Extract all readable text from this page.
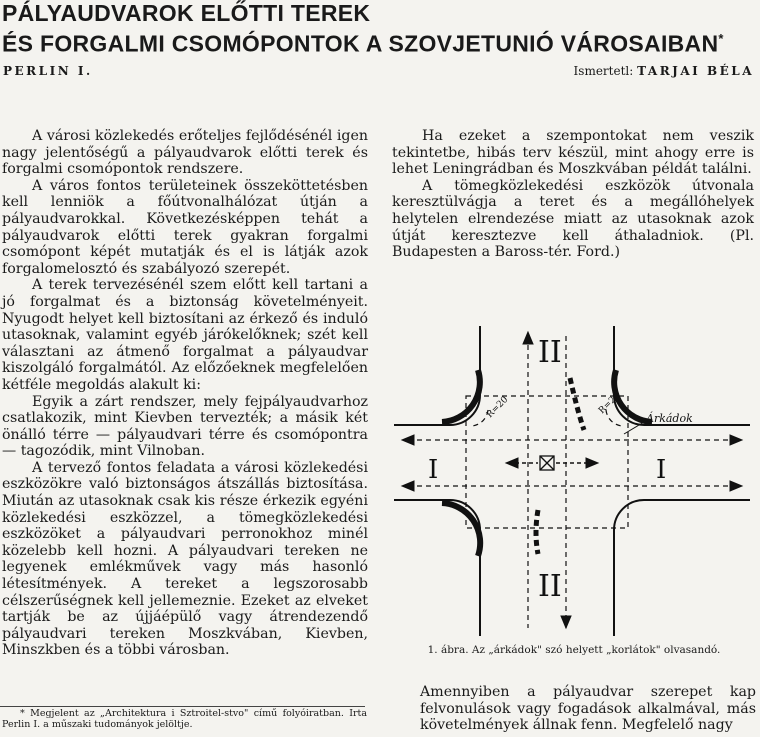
PÁLYAUDVAROK ELŐTTI TEREK
ÉS FORGALMI CSOMÓPONTOK A SZOVJETUNIÓ VÁROSAIBAN*
PERLIN I.	Ismertetl: TARJAI BÉLA

A városi közlekedés erőteljes fejlődésénél igen nagy jelentőségű a pályaudvarok előtti terek és forgalmi csomópontok rendszere.

A város fontos területeinek összeköttetésben kell lenniök a főútvonalhálózat útján a pályaudvarokkal. Következésképpen tehát a pályaudvarok előtti terek gyakran forgalmi csomópont képét mutatják és el is látják azok forgalomelosztó és szabályozó szerepét.

A terek tervezésénél szem előtt kell tartani a jó forgalmat és a biztonság követelményeit. Nyugodt helyet kell biztosítani az érkező és induló utasoknak, valamint egyéb járókelőknek; szét kell választani az átmenő forgalmat a pályaudvar kiszolgáló forgalmától. Az előzőeknek megfelelően kétféle megoldás alakult ki:

Egyik a zárt rendszer, mely fejpályaudvarhoz csatlakozik, mint Kievben tervezték; a másik két önálló térre — pályaudvari térre és csomópontra — tagozódik, mint Vilnoban.

A tervező fontos feladata a városi közlekedési eszközökre való biztonságos átszállás biztosítása. Miután az utasoknak csak kis része érkezik egyéni közlekedési eszközzel, a tömegközlekedési eszközöket a pályaudvari perronokhoz minél közelebb kell hozni. A pályaudvari tereken ne legyenek emlékművek vagy más hasonló létesítmények. A tereket a legszorosabb célszerűségnek kell jellemeznie. Ezeket az elveket tartják be az újjáépülő vagy átrendezendő pályaudvari tereken Moszkvában, Kievben, Minszkben és a többi városban.

* Megjelent az „Architektura i Sztroitel-stvo" című folyóiratban. Irta Perlin I. a műszaki tudományok jelöltje.

Ha ezeket a szempontokat nem veszik tekintetbe, hibás terv készül, mint ahogy erre is lehet Leningrádban és Moszkvában példát találni.

A tömegközlekedési eszközök útvonala keresztülvágja a teret és a megállóhelyek helytelen elrendezése miatt az utasoknak azok útját keresztezve kell áthaladniok. (Pl. Budapesten a Baross-tér. Ford.)

II
II
I	I
R=20	R=20
Árkádok
1. ábra. Az „árkádok" szó helyett „korlátok" olvasandó.

Amennyiben a pályaudvar szerepet kap felvonulások vagy fogadások alkalmával, más követelmények állnak fenn. Megfelelő nagy
